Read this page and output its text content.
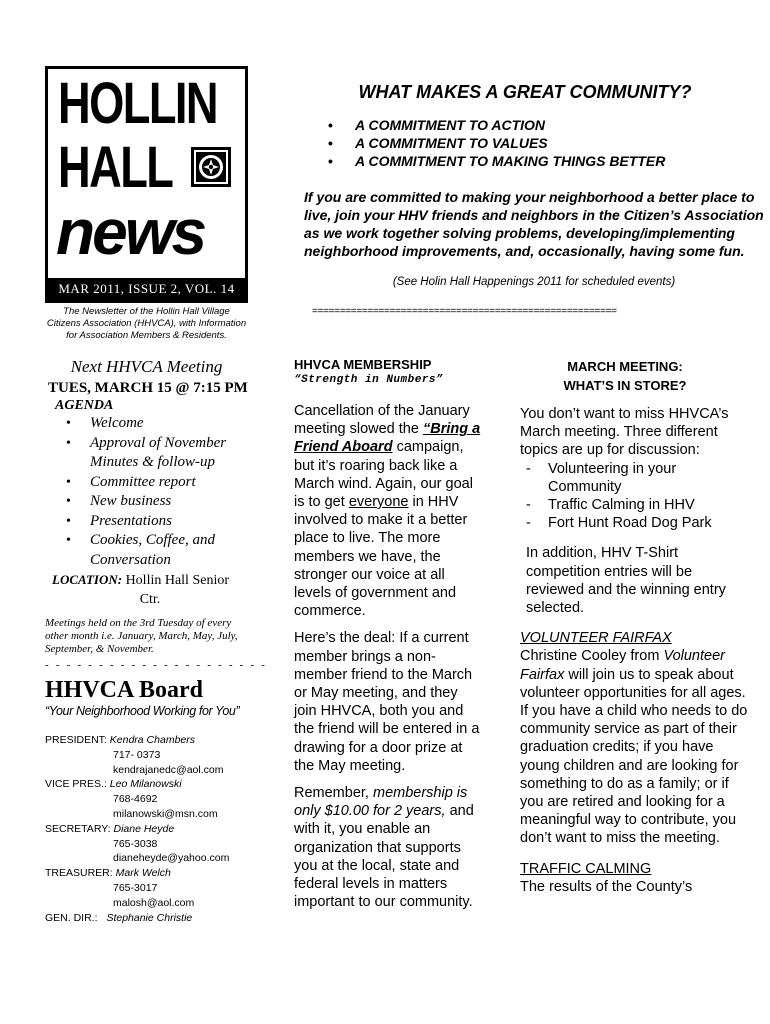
HOLLIN
HALL
news
MAR 2011, ISSUE 2, VOL. 14
The Newsletter of the Hollin Hall Village Citizens Association (HHVCA), with Information for Association Members & Residents.
WHAT MAKES A GREAT COMMUNITY?
• A COMMITMENT TO ACTION
• A COMMITMENT TO VALUES
• A COMMITMENT TO MAKING THINGS BETTER
If you are committed to making your neighborhood a better place to live, join your HHV friends and neighbors in the Citizen’s Association as we work together solving problems, developing/implementing neighborhood improvements, and, occasionally, having some fun.
(See Holin Hall Happenings 2011 for scheduled events)
=======================================================
Next HHVCA Meeting
TUES, MARCH 15 @ 7:15 PM
AGENDA
• Welcome
• Approval of November Minutes & follow-up
• Committee report
• New business
• Presentations
• Cookies, Coffee, and Conversation
LOCATION: Hollin Hall Senior
Ctr.
Meetings held on the 3rd Tuesday of every other month i.e. January, March, May, July, September, & November.
- - - - - - - - - - - - - - - - - - - - -
HHVCA Board
“Your Neighborhood Working for You”
PRESIDENT: Kendra Chambers
717- 0373
kendrajanedc@aol.com
VICE PRES.: Leo Milanowski
768-4692
milanowski@msn.com
SECRETARY: Diane Heyde
765-3038
dianeheyde@yahoo.com
TREASURER: Mark Welch
765-3017
malosh@aol.com
GEN. DIR.: Stephanie Christie
HHVCA MEMBERSHIP
“Strength in Numbers”

Cancellation of the January meeting slowed the “Bring a Friend Aboard campaign, but it’s roaring back like a March wind. Again, our goal is to get everyone in HHV involved to make it a better place to live. The more members we have, the stronger our voice at all levels of government and commerce.

Here’s the deal: If a current member brings a non-member friend to the March or May meeting, and they join HHVCA, both you and the friend will be entered in a drawing for a door prize at the May meeting.

Remember, membership is only $10.00 for 2 years, and with it, you enable an organization that supports you at the local, state and federal levels in matters important to our community.

MARCH MEETING:
WHAT’S IN STORE?

You don’t want to miss HHVCA’s March meeting. Three different topics are up for discussion:

- Volunteering in your Community
- Traffic Calming in HHV
- Fort Hunt Road Dog Park

In addition, HHV T-Shirt competition entries will be reviewed and the winning entry selected.

VOLUNTEER FAIRFAX

Christine Cooley from Volunteer Fairfax will join us to speak about volunteer opportunities for all ages. If you have a child who needs to do community service as part of their graduation credits; if you have young children and are looking for something to do as a family; or if you are retired and looking for a meaningful way to contribute, you don’t want to miss the meeting.

TRAFFIC CALMING

The results of the County’s
